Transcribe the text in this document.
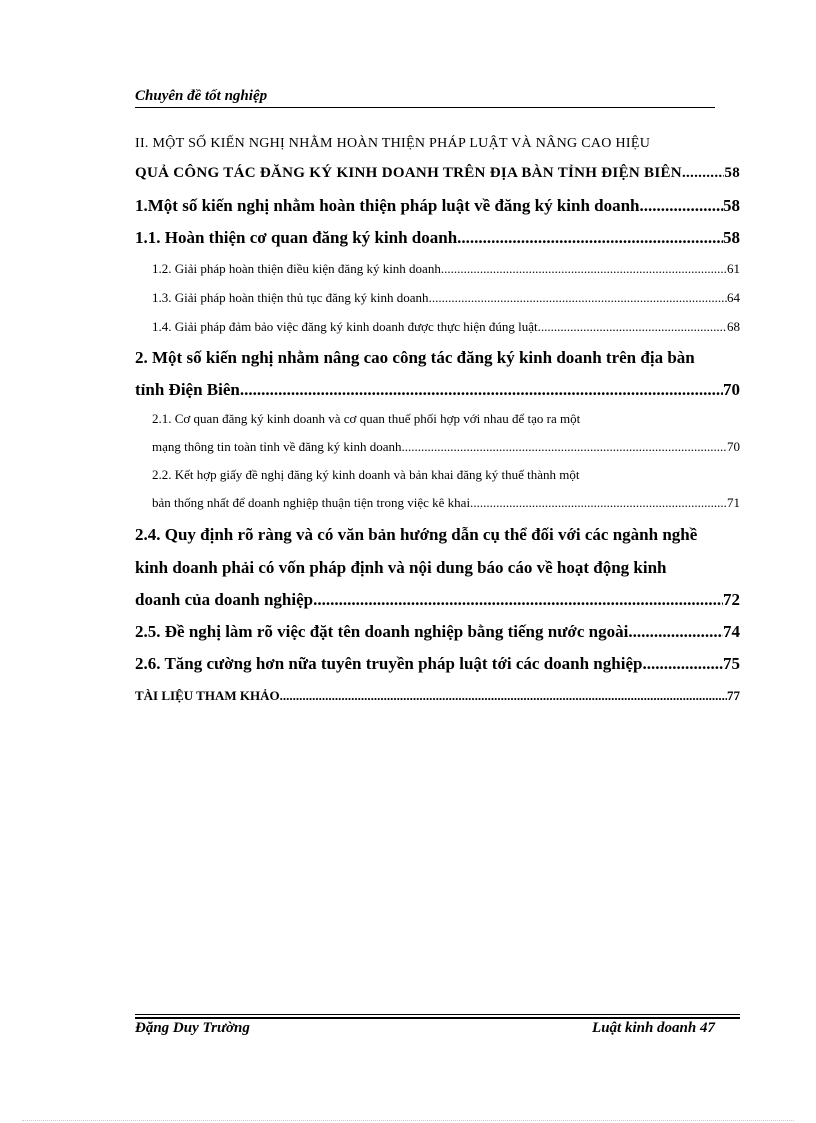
Chuyên đề tốt nghiệp
II. MỘT SỐ KIẾN NGHỊ NHẰM HOÀN THIỆN PHÁP LUẬT VÀ NÂNG CAO HIỆU
QUẢ CÔNG TÁC ĐĂNG KÝ KINH DOANH TRÊN ĐỊA BÀN TỈNH ĐIỆN BIÊN .....	58
1.Một số kiến nghị nhằm hoàn thiện pháp luật về đăng ký kinh doanh .....	58
1.1. Hoàn thiện cơ quan đăng ký kinh doanh .....	58
1.2. Giải pháp hoàn thiện điều kiện đăng ký kinh doanh .....	61
1.3. Giải pháp hoàn thiện thủ tục đăng ký kinh doanh .....	64
1.4. Giải pháp đảm bảo việc đăng ký kinh doanh được thực hiện đúng luật .....	68
2. Một số kiến nghị nhằm nâng cao công tác đăng ký kinh doanh trên địa bàn
tỉnh Điện Biên .....	70
2.1. Cơ quan đăng ký kinh doanh và cơ quan thuế phối hợp với nhau để tạo ra một
mạng thông tin toàn tỉnh về đăng ký kinh doanh .....	70
2.2. Kết hợp giấy đề nghị đăng ký kinh doanh và bản khai đăng ký thuế thành một
bản thống nhất để doanh nghiệp thuận tiện trong việc kê khai. .....	71
2.4. Quy định rõ ràng và có văn bản hướng dẫn cụ thể đối với các ngành nghề
kinh doanh phải có vốn pháp định và nội dung báo cáo về hoạt động kinh
doanh của doanh nghiệp .....	72
2.5. Đề nghị làm rõ việc đặt tên doanh nghiệp bằng tiếng nước ngoài .....	74
2.6. Tăng cường hơn nữa tuyên truyền pháp luật tới các doanh nghiệp. .....	75
TÀI LIỆU THAM KHẢO .....	77
Đặng Duy Trường	Luật kinh doanh 47
